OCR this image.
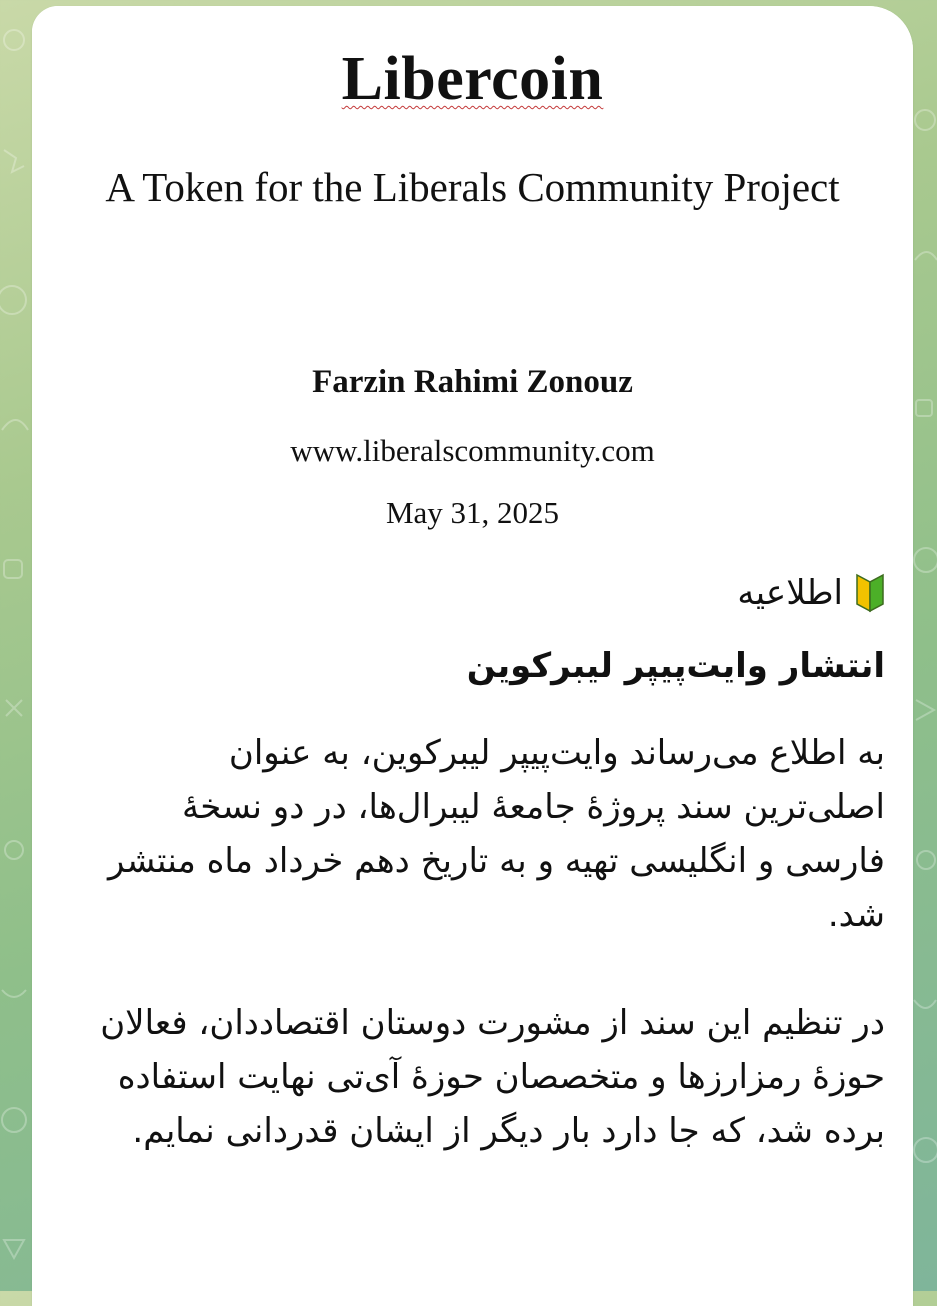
Libercoin
A Token for the Liberals Community Project
Farzin Rahimi Zonouz
www.liberalscommunity.com
May 31, 2025
اطلاعیه
انتشار وایت‌پیپر لیبرکوین
به اطلاع می‌رساند وایت‌پیپر لیبرکوین، به عنوان اصلی‌ترین سند پروژهٔ جامعهٔ لیبرال‌ها، در دو نسخهٔ فارسی و انگلیسی تهیه و به تاریخ دهم خرداد ماه منتشر شد.
در تنظیم این سند از مشورت دوستان اقتصاددان، فعالان حوزهٔ رمزارزها و متخصصان حوزهٔ آی‌تی نهایت استفاده برده شد، که جا دارد بار دیگر از ایشان قدردانی نمایم.
